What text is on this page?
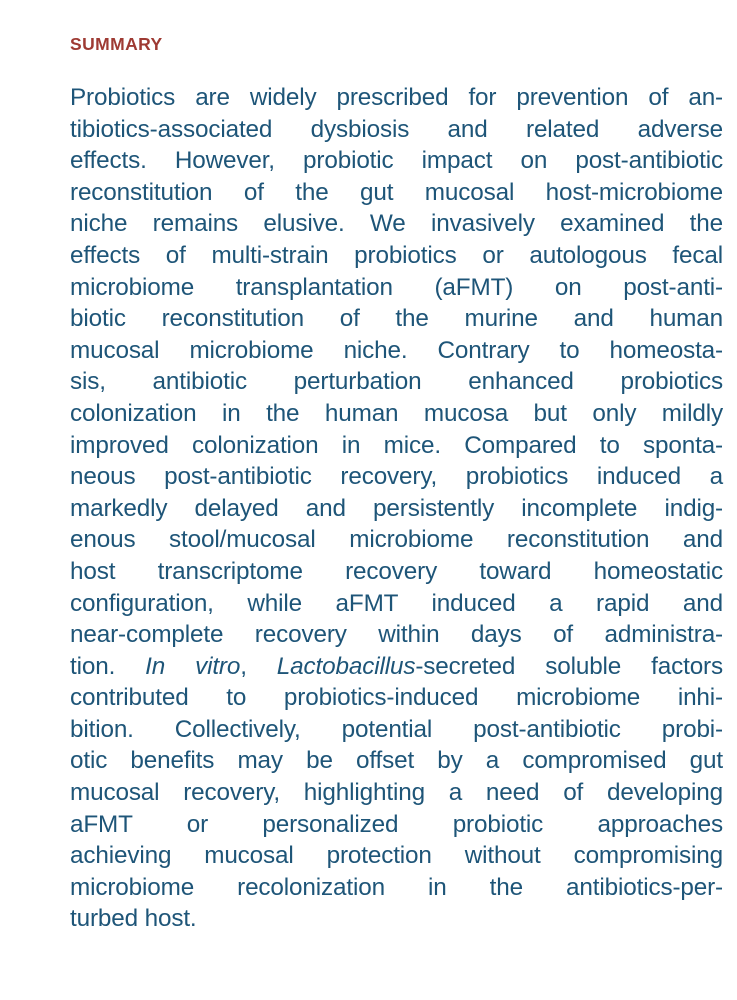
SUMMARY
Probiotics are widely prescribed for prevention of an-
tibiotics-associated dysbiosis and related adverse
effects. However, probiotic impact on post-antibiotic
reconstitution of the gut mucosal host-microbiome
niche remains elusive. We invasively examined the
effects of multi-strain probiotics or autologous fecal
microbiome transplantation (aFMT) on post-anti-
biotic reconstitution of the murine and human
mucosal microbiome niche. Contrary to homeosta-
sis, antibiotic perturbation enhanced probiotics
colonization in the human mucosa but only mildly
improved colonization in mice. Compared to sponta-
neous post-antibiotic recovery, probiotics induced a
markedly delayed and persistently incomplete indig-
enous stool/mucosal microbiome reconstitution and
host transcriptome recovery toward homeostatic
configuration, while aFMT induced a rapid and
near-complete recovery within days of administra-
tion. In vitro, Lactobacillus-secreted soluble factors
contributed to probiotics-induced microbiome inhi-
bition. Collectively, potential post-antibiotic probi-
otic benefits may be offset by a compromised gut
mucosal recovery, highlighting a need of developing
aFMT or personalized probiotic approaches
achieving mucosal protection without compromising
microbiome recolonization in the antibiotics-per-
turbed host.
